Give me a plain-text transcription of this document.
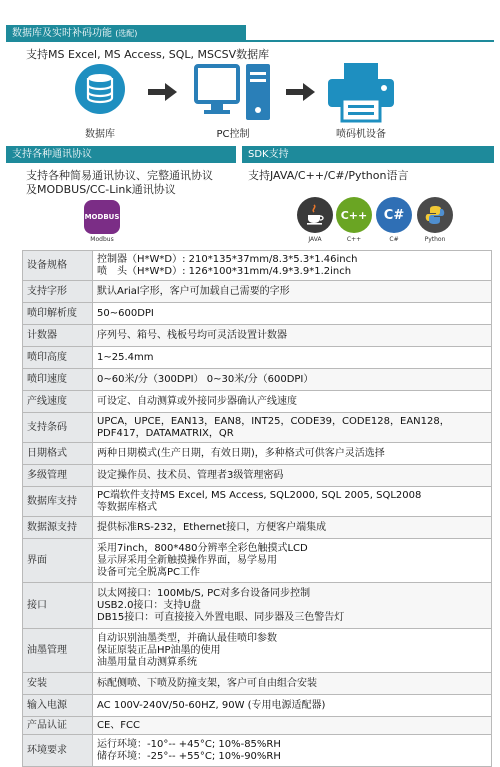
数据库及实时补码功能 (选配)
支持MS Excel, MS Access, SQL, MSCSV数据库
数据库	PC控制	喷码机设备
支持各种通讯协议	SDK支持
支持各种简易通讯协议、完整通讯协议
及MODBUS/CC-Link通讯协议
支持JAVA/C++/C#/Python语言
MODBUS
Modbus	JAVA
C++
C++
C#
C#	Python
设备规格	控制器（H*W*D）: 210*135*37mm/8.3*5.3*1.46inch
喷　头（H*W*D）: 126*100*31mm/4.9*3.9*1.2inch

支持字形	默认Arial字形，客户可加载自己需要的字形

喷印解析度	50~600DPI

计数器	序列号、箱号、栈板号均可灵活设置计数器

喷印高度	1~25.4mm

喷印速度	0~60米/分（300DPI） 0~30米/分（600DPI）

产线速度	可设定、自动测算或外接同步器确认产线速度

支持条码	UPCA，UPCE，EAN13，EAN8，INT25，CODE39，CODE128，EAN128，
PDF417，DATAMATRIX，QR

日期格式	两种日期模式(生产日期，有效日期)，多种格式可供客户灵活选择

多级管理	设定操作员、技术员、管理者3级管理密码

数据库支持	PC端软件支持MS Excel, MS Access, SQL2000, SQL 2005, SQL2008
等数据库格式

数据源支持	提供标准RS-232，Ethernet接口，方便客户端集成

界面	采用7inch，800*480分辨率全彩色触摸式LCD
显示屏采用全新触摸操作界面，易学易用
设备可完全脱离PC工作

接口	以太网接口：100Mb/S, PC对多台设备同步控制
USB2.0接口：支持U盘
DB15接口：可直接接入外置电眼、同步器及三色警告灯

油墨管理	自动识别油墨类型，并确认最佳喷印参数
保证原装正品HP油墨的使用
油墨用量自动测算系统

安装	标配侧喷、下喷及防撞支架，客户可自由组合安装

输入电源	AC 100V-240V/50-60HZ, 90W (专用电源适配器)

产品认证	CE、FCC

环境要求	运行环境：-10°-- +45°C; 10%-85%RH
储存环境：-25°-- +55°C; 10%-90%RH
